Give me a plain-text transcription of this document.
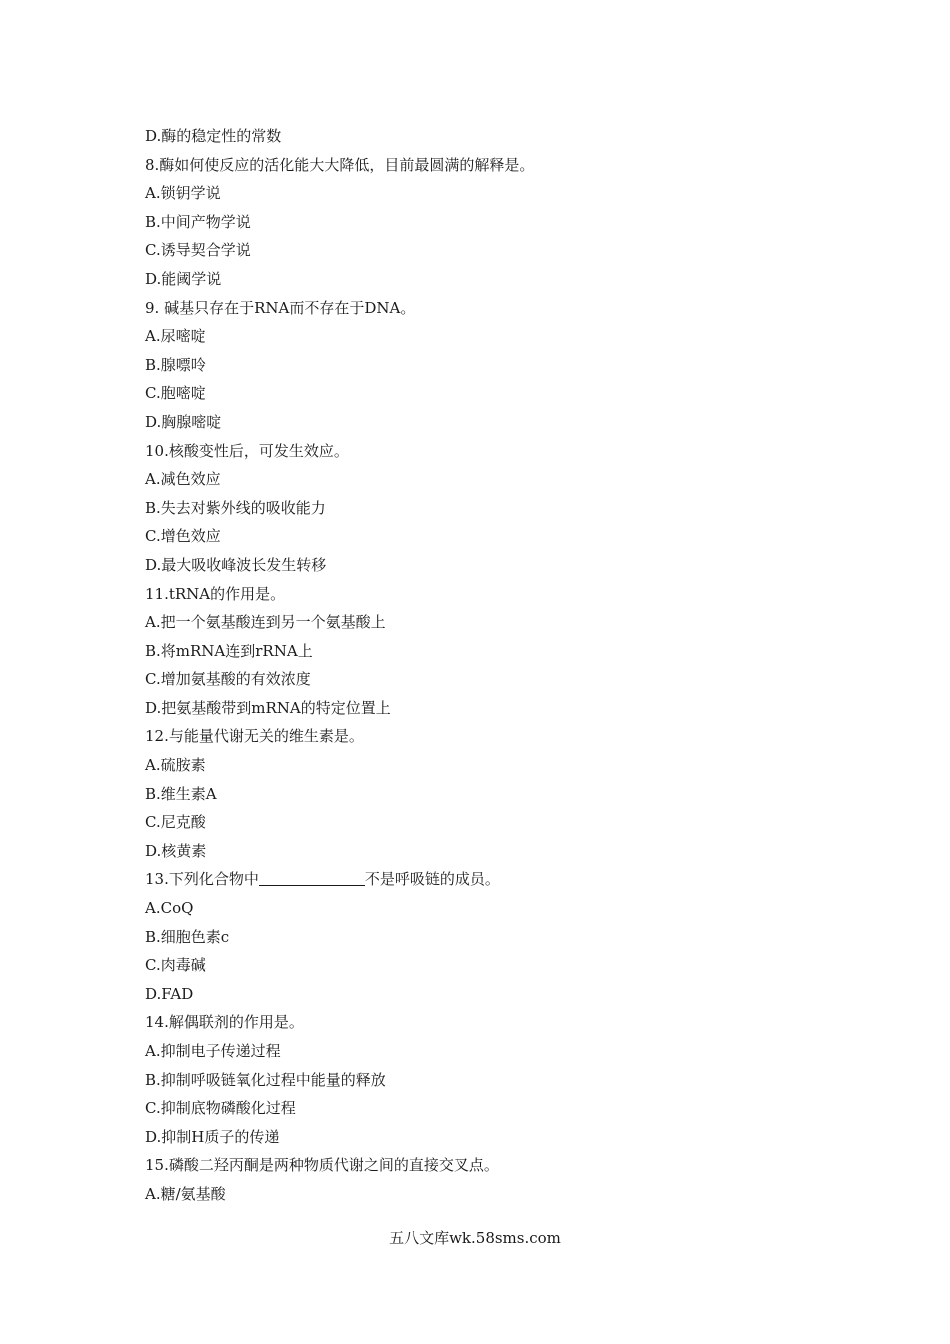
D.酶的稳定性的常数
8.酶如何使反应的活化能大大降低，目前最圆满的解释是。
A.锁钥学说
B.中间产物学说
C.诱导契合学说
D.能阈学说
9. 碱基只存在于RNA而不存在于DNA。
A.尿嘧啶
B.腺嘌呤
C.胞嘧啶
D.胸腺嘧啶
10.核酸变性后，可发生效应。
A.减色效应
B.失去对紫外线的吸收能力
C.增色效应
D.最大吸收峰波长发生转移
11.tRNA的作用是。
A.把一个氨基酸连到另一个氨基酸上
B.将mRNA连到rRNA上
C.增加氨基酸的有效浓度
D.把氨基酸带到mRNA的特定位置上
12.与能量代谢无关的维生素是。
A.硫胺素
B.维生素A
C.尼克酸
D.核黄素
13.下列化合物中	不是呼吸链的成员。
A.CoQ
B.细胞色素c
C.肉毒碱
D.FAD
14.解偶联剂的作用是。
A.抑制电子传递过程
B.抑制呼吸链氧化过程中能量的释放
C.抑制底物磷酸化过程
D.抑制H质子的传递
15.磷酸二羟丙酮是两种物质代谢之间的直接交叉点。
A.糖/氨基酸
五八文库wk.58sms.com
